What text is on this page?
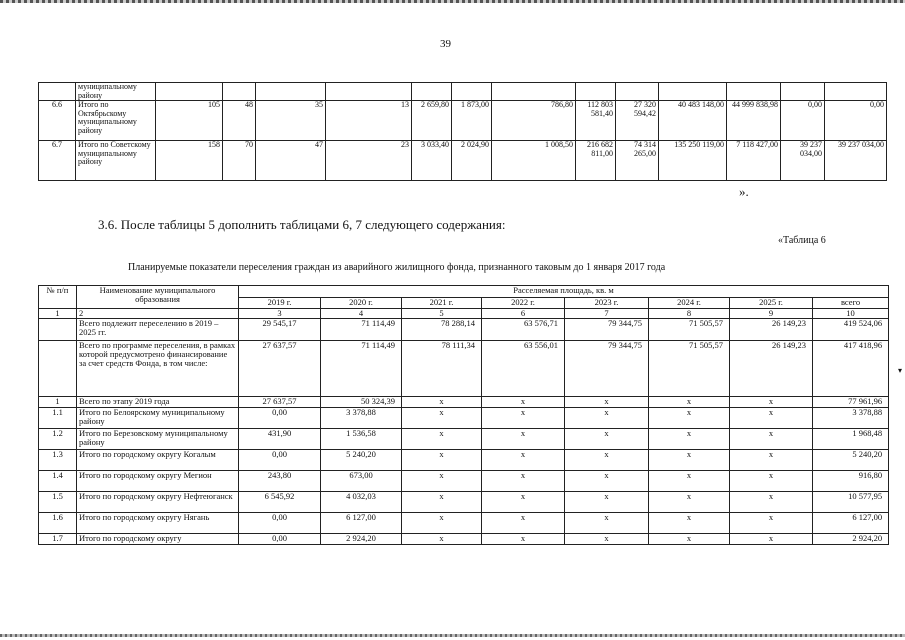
39
	муниципальному району													
6.6	Итого по Октябрьскому муниципальному району	105	48	35	13	2 659,80	1 873,00	786,80	112 803 581,40	27 320 594,42	40 483 148,00	44 999 838,98	0,00	0,00
6.7	Итого по Советскому муниципальному району	158	70	47	23	3 033,40	2 024,90	1 008,50	216 682 811,00	74 314 265,00	135 250 119,00	7 118 427,00	39 237 034,00	39 237 034,00
».
3.6. После таблицы 5 дополнить таблицами 6, 7 следующего содержания:
«Таблица 6
Планируемые показатели переселения граждан из аварийного жилищного фонда, признанного таковым до 1 января 2017 года
№ п/п	Наименование муниципального образования	Расселяемая площадь, кв. м							
		2019 г.	2020 г.	2021 г.	2022 г.	2023 г.	2024 г.	2025 г.	всего
1	2	3	4	5	6	7	8	9	10
	Всего подлежит переселению в 2019 – 2025 гг.	29 545,17	71 114,49	78 288,14	63 576,71	79 344,75	71 505,57	26 149,23	419 524,06
	Всего по программе переселения, в рамках которой предусмотрено финансирование за счет средств Фонда, в том числе:	27 637,57	71 114,49	78 111,34	63 556,01	79 344,75	71 505,57	26 149,23	417 418,96
1	Всего по этапу 2019 года	27 637,57	50 324,39	x	x	x	x	x	77 961,96
1.1	Итого по Белоярскому муниципальному району	0,00	3 378,88	x	x	x	x	x	3 378,88
1.2	Итого по Березовскому муниципальному району	431,90	1 536,58	x	x	x	x	x	1 968,48
1.3	Итого по городскому округу Когалым	0,00	5 240,20	x	x	x	x	x	5 240,20
1.4	Итого по городскому округу Мегион	243,80	673,00	x	x	x	x	x	916,80
1.5	Итого по городскому округу Нефтеюганск	6 545,92	4 032,03	x	x	x	x	x	10 577,95
1.6	Итого по городскому округу Нягань	0,00	6 127,00	x	x	x	x	x	6 127,00
1.7	Итого по городскому округу	0,00	2 924,20	x	x	x	x	x	2 924,20
▾
